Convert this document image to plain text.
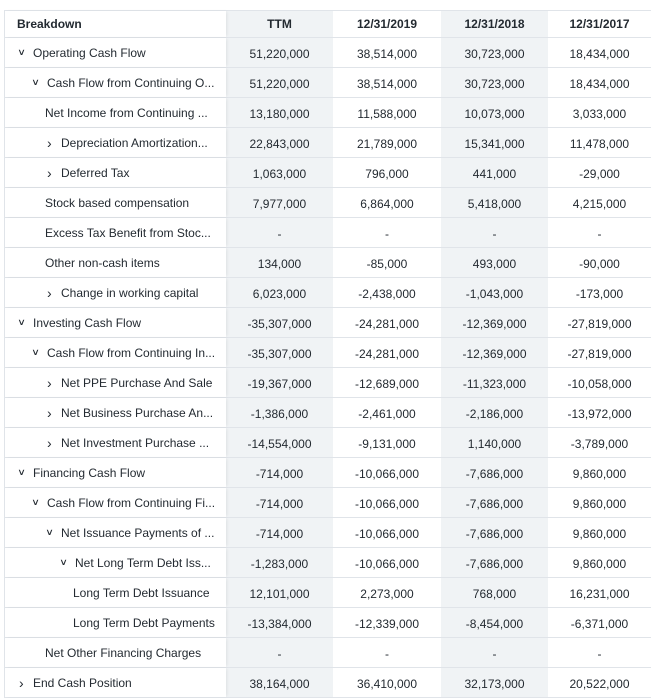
Breakdown	TTM	12/31/2019	12/31/2018	12/31/2017
∨ Operating Cash Flow	51,220,000	38,514,000	30,723,000	18,434,000
∨ Cash Flow from Continuing O...	51,220,000	38,514,000	30,723,000	18,434,000
Net Income from Continuing ...	13,180,000	11,588,000	10,073,000	3,033,000
› Depreciation Amortization...	22,843,000	21,789,000	15,341,000	11,478,000
› Deferred Tax	1,063,000	796,000	441,000	-29,000
Stock based compensation	7,977,000	6,864,000	5,418,000	4,215,000
Excess Tax Benefit from Stoc...	-	-	-	-
Other non-cash items	134,000	-85,000	493,000	-90,000
› Change in working capital	6,023,000	-2,438,000	-1,043,000	-173,000
∨ Investing Cash Flow	-35,307,000	-24,281,000	-12,369,000	-27,819,000
∨ Cash Flow from Continuing In...	-35,307,000	-24,281,000	-12,369,000	-27,819,000
› Net PPE Purchase And Sale	-19,367,000	-12,689,000	-11,323,000	-10,058,000
› Net Business Purchase An...	-1,386,000	-2,461,000	-2,186,000	-13,972,000
› Net Investment Purchase ...	-14,554,000	-9,131,000	1,140,000	-3,789,000
∨ Financing Cash Flow	-714,000	-10,066,000	-7,686,000	9,860,000
∨ Cash Flow from Continuing Fi...	-714,000	-10,066,000	-7,686,000	9,860,000
∨ Net Issuance Payments of ...	-714,000	-10,066,000	-7,686,000	9,860,000
∨ Net Long Term Debt Iss...	-1,283,000	-10,066,000	-7,686,000	9,860,000
Long Term Debt Issuance	12,101,000	2,273,000	768,000	16,231,000
Long Term Debt Payments	-13,384,000	-12,339,000	-8,454,000	-6,371,000
Net Other Financing Charges	-	-	-	-
› End Cash Position	38,164,000	36,410,000	32,173,000	20,522,000
